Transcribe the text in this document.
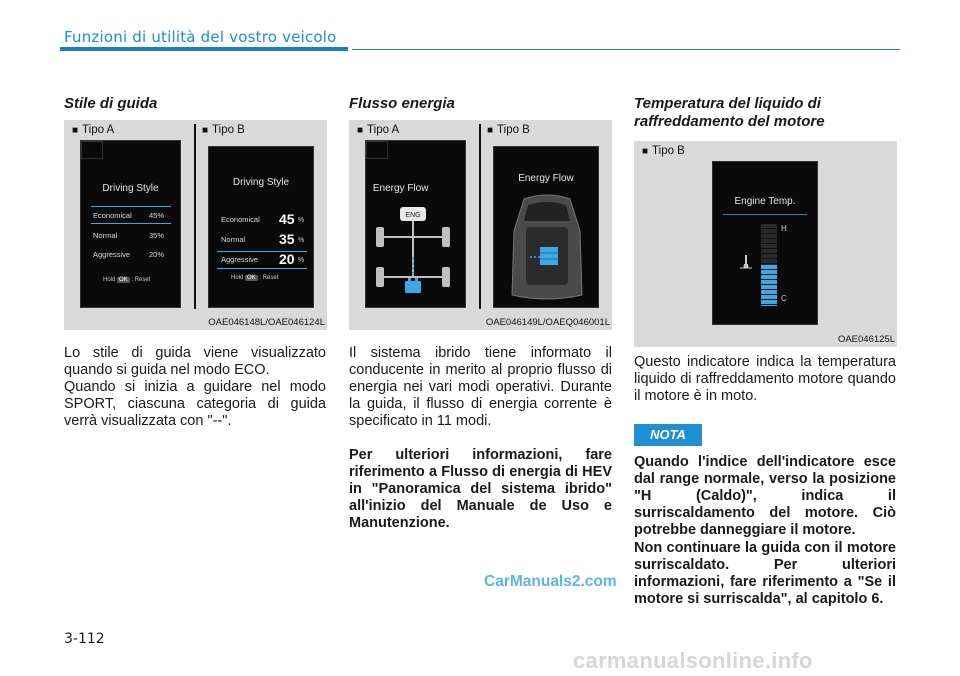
Funzioni di utilità del vostro veicolo
Stile di guida
■ Tipo A	■ Tipo B
Driving Style
Economical 45%
Normal	35%
Aggressive	20%
Hold OK : Reset
Driving Style
Economical 45 %
Normal 35 %
Aggressive 20 %
Hold OK : Reset
OAE046148L/OAE046124L
Lo stile di guida viene visualizzato quando si guida nel modo ECO.
Quando si inizia a guidare nel modo SPORT, ciascuna categoria di guida verrà visualizzata con "--".
Flusso energia
■ Tipo A	■ Tipo B
Energy Flow
ENG
Energy Flow
OAE046149L/OAEQ046001L
Il sistema ibrido tiene informato il conducente in merito al proprio flusso di energia nei vari modi operativi. Durante la guida, il flusso di energia corrente è specificato in 11 modi.
Per ulteriori informazioni, fare riferimento a Flusso di energia di HEV in "Panoramica del sistema ibrido" all'inizio del Manuale de Uso e Manutenzione.
Temperatura del liquido di raffreddamento del motore
■ Tipo B
Engine Temp.
H
C
OAE046125L
Questo indicatore indica la temperatura liquido di raffreddamento motore quando il motore è in moto.
NOTA
Quando l'indice dell'indicatore esce dal range normale, verso la posizione "H (Caldo)", indica il surriscaldamento del motore. Ciò potrebbe danneggiare il motore.
Non continuare la guida con il motore surriscaldato. Per ulteriori informazioni, fare riferimento a "Se il motore si surriscalda", al capitolo 6.
CarManuals2.com
3-112
carmanualsonline.info
